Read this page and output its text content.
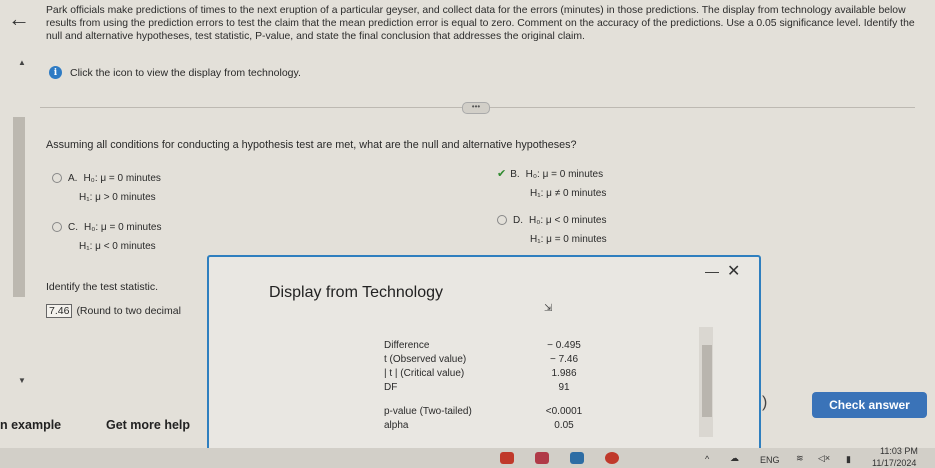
← Park officials make predictions of times to the next eruption of a particular geyser, and collect data for the errors (minutes) in those predictions. The display from technology available below results from using the prediction errors to test the claim that the mean prediction error is equal to zero. Comment on the accuracy of the predictions. Use a 0.05 significance level. Identify the null and alternative hypotheses, test statistic, P-value, and state the final conclusion that addresses the original claim.
▲
▼
i	Click the icon to view the display from technology.
•••
Assuming all conditions for conducting a hypothesis test are met, what are the null and alternative hypotheses?
A. H₀: μ = 0 minutes
H₁: μ > 0 minutes
✔ B. H₀: μ = 0 minutes
H₁: μ ≠ 0 minutes
C. H₀: μ = 0 minutes
H₁: μ < 0 minutes
D. H₀: μ < 0 minutes
H₁: μ = 0 minutes
Identify the test statistic.
7.46 (Round to two decimal
n example	Get more help
)	Check answer
— ✕
Display from Technology
⇲
Difference	− 0.495
t (Observed value)	− 7.46
| t | (Critical value)	1.986
DF	91
p-value (Two-tailed)	<0.0001
alpha	0.05
^ ☁ ENG ≋ ◁× ▮
11:03 PM
11/17/2024
